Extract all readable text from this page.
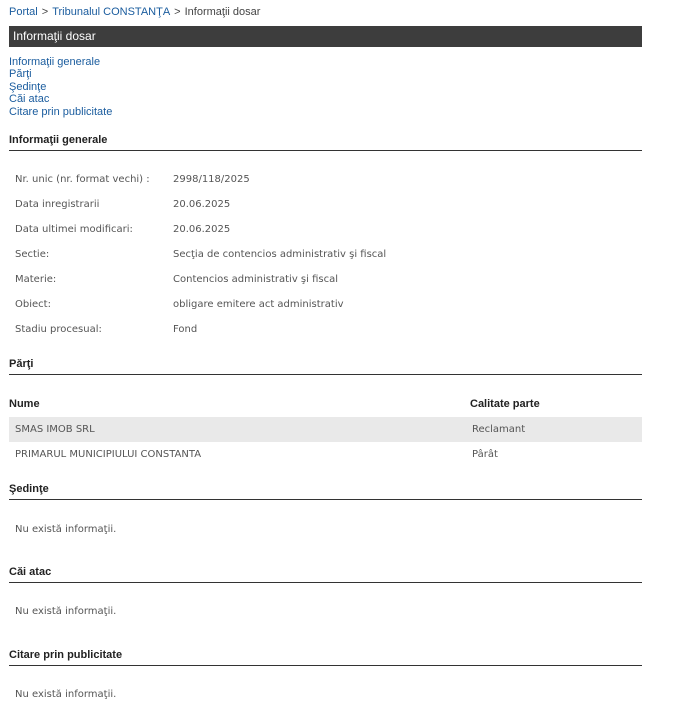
Portal > Tribunalul CONSTANŢA > Informaţii dosar
Informaţii dosar
Informaţii generale
Părţi
Şedinţe
Căi atac
Citare prin publicitate
Informaţii generale
Nr. unic (nr. format vechi) : 2998/118/2025
Data inregistrarii	20.06.2025
Data ultimei modificari:	20.06.2025
Sectie:	Secţia de contencios administrativ şi fiscal
Materie:	Contencios administrativ şi fiscal
Obiect:	obligare emitere act administrativ
Stadiu procesual:	Fond
Părţi
Nume	Calitate parte
SMAS IMOB SRL	Reclamant
PRIMARUL MUNICIPIULUI CONSTANTA	Pârât
Şedinţe
Nu există informaţii.
Căi atac
Nu există informaţii.
Citare prin publicitate
Nu există informaţii.
